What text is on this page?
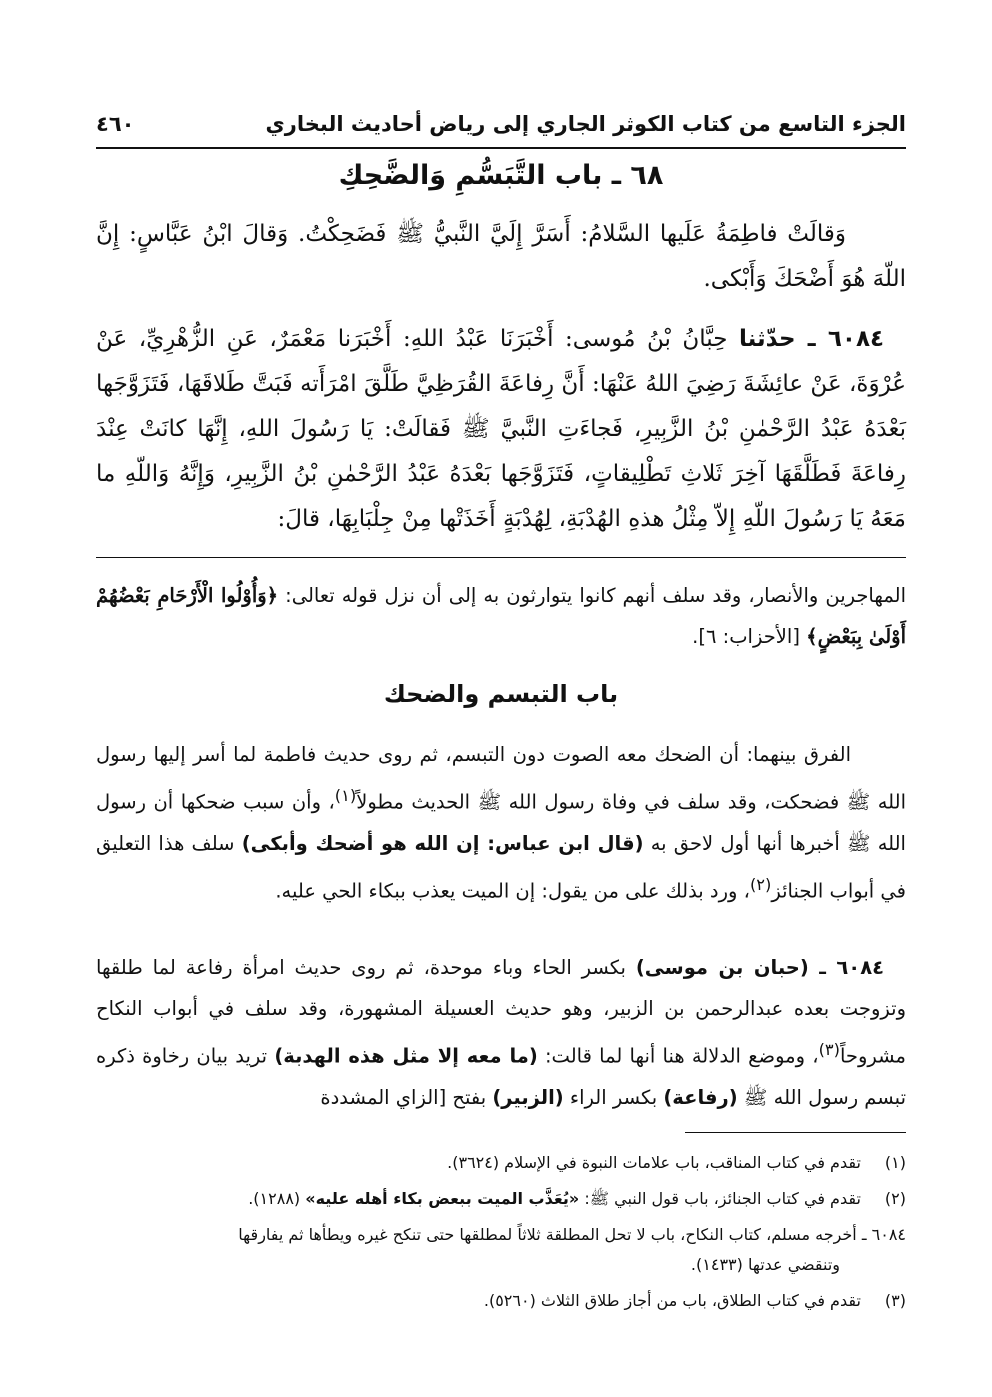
الجزء التاسع من كتاب الكوثر الجاري إلى رياض أحاديث البخاري
٤٦٠
٦٨ ـ باب التَّبَسُّمِ وَالضَّحِكِ

وَقالَتْ فاطِمَةُ عَلَيها السَّلامُ: أَسَرَّ إِلَيَّ النَّبيُّ ﷺ فَضَحِكْتُ. وَقالَ ابْنُ عَبَّاسٍ: إِنَّ اللّهَ هُوَ أَضْحَكَ وَأَبْكى.

٦٠٨٤ ـ حدّثنا حِبَّانُ بْنُ مُوسى: أَخْبَرَنَا عَبْدُ اللهِ: أَخْبَرَنا مَعْمَرٌ، عَنِ الزُّهْرِيِّ، عَنْ عُرْوَةَ، عَنْ عائِشَةَ رَضِيَ اللهُ عَنْهَا: أَنَّ رِفاعَةَ القُرَظِيَّ طَلَّقَ امْرَأَته فَبَتَّ طَلاقَهَا، فَتَزَوَّجَها بَعْدَهُ عَبْدُ الرَّحْمٰنِ بْنُ الزَّبِيرِ، فَجاءَتِ النَّبيَّ ﷺ فَقالَتْ: يَا رَسُولَ اللهِ، إِنَّهَا كانَتْ عِنْدَ رِفاعَةَ فَطَلَّقَهَا آخِرَ ثَلاثِ تَطْلِيقاتٍ، فَتَزَوَّجَها بَعْدَهُ عَبْدُ الرَّحْمٰنِ بْنُ الزَّبِيرِ، وَإِنَّهُ وَاللّهِ ما مَعَهُ يَا رَسُولَ اللّهِ إِلاّ مِثْلُ هذهِ الهُدْبَةِ، لِهُدْبَةٍ أَخَذَتْها مِنْ جِلْبَابِهَا، قالَ:

المهاجرين والأنصار، وقد سلف أنهم كانوا يتوارثون به إلى أن نزل قوله تعالى: ﴿وَأُوْلُوا الْأَرْحَامِ بَعْضُهُمْ أَوْلَىٰ بِبَعْضٍ﴾ [الأحزاب: ٦].

باب التبسم والضحك

الفرق بينهما: أن الضحك معه الصوت دون التبسم، ثم روى حديث فاطمة لما أسر إليها رسول الله ﷺ فضحكت، وقد سلف في وفاة رسول الله ﷺ الحديث مطولاً$^{(١)}$، وأن سبب ضحكها أن رسول الله ﷺ أخبرها أنها أول لاحق به (قال ابن عباس: إن الله هو أضحك وأبكى) سلف هذا التعليق في أبواب الجنائز$^{(٢)}$، ورد بذلك على من يقول: إن الميت يعذب ببكاء الحي عليه.

٦٠٨٤ ـ (حبان بن موسى) بكسر الحاء وباء موحدة، ثم روى حديث امرأة رفاعة لما طلقها وتزوجت بعده عبدالرحمن بن الزبير، وهو حديث العسيلة المشهورة، وقد سلف في أبواب النكاح مشروحاً$^{(٣)}$، وموضع الدلالة هنا أنها لما قالت: (ما معه إلا مثل هذه الهدبة) تريد بيان رخاوة ذكره تبسم رسول الله ﷺ (رفاعة) بكسر الراء (الزبير) بفتح [الزاي المشددة

(١) تقدم في كتاب المناقب، باب علامات النبوة في الإسلام (٣٦٢٤).

(٢) تقدم في كتاب الجنائز، باب قول النبي ﷺ: «يُعَذَّب الميت ببعض بكاء أهله عليه» (١٢٨٨).

٦٠٨٤ ـ أخرجه مسلم، كتاب النكاح، باب لا تحل المطلقة ثلاثاً لمطلقها حتى تنكح غيره ويطأها ثم يفارقها
وتنقضي عدتها (١٤٣٣).

(٣) تقدم في كتاب الطلاق، باب من أجاز طلاق الثلاث (٥٢٦٠).
